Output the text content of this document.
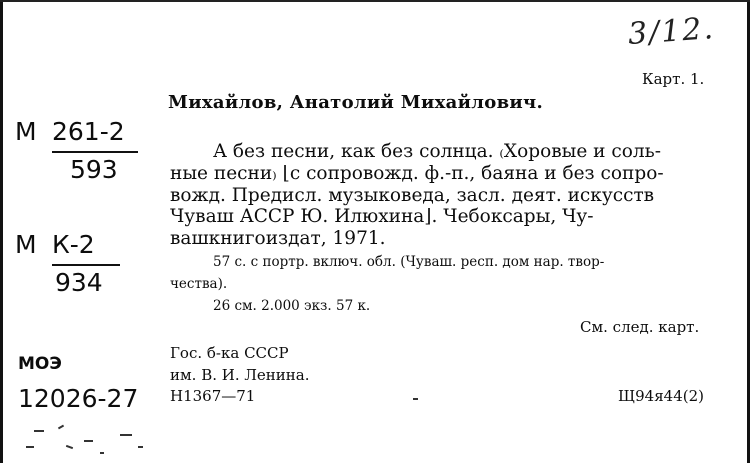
3/12.
Карт. 1.
Михайлов, Анатолий Михайлович.
М 261-2
593
М К-2
934
А без песни, как без солнца. ₍Хоровые и соль-
ные песни₎ ⌊с сопровожд. ф.-п., баяна и без сопро-
вожд. Предисл. музыковеда, засл. деят. искусств
Чуваш АССР Ю. Илюхина⌋. Чебоксары, Чу-
вашкнигоиздат, 1971.
57 с. с портр. включ. обл. (Чуваш. респ. дом нар. твор-
чества).
26 см. 2.000 экз. 57 к.
См. след. карт.
Гос. б-ка СССР
им. В. И. Ленина.
Н1367—71	Щ94я44(2)
МОЭ
12026-27
